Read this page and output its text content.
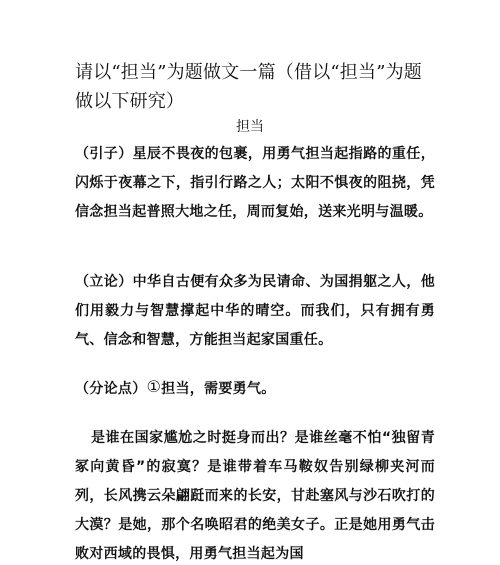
请以“担当”为题做文一篇（借以“担当”为题做以下研究）
担当
（引子）星辰不畏夜的包裹，用勇气担当起指路的重任，闪烁于夜幕之下，指引行路之人；太阳不惧夜的阻挠，凭信念担当起普照大地之任，周而复始，送来光明与温暖。
（立论）中华自古便有众多为民请命、为国捐躯之人，他们用毅力与智慧撑起中华的晴空。而我们，只有拥有勇气、信念和智慧，方能担当起家国重任。
（分论点）①担当，需要勇气。
是谁在国家尴尬之时挺身而出？是谁丝毫不怕“独留青冢向黄昏”的寂寞？是谁带着车马鞍奴告别绿柳夹河而列，长风携云朵翩跹而来的长安，甘赴塞风与沙石吹打的大漠？是她，那个名唤昭君的绝美女子。正是她用勇气击败对西域的畏惧，用勇气担当起为国
